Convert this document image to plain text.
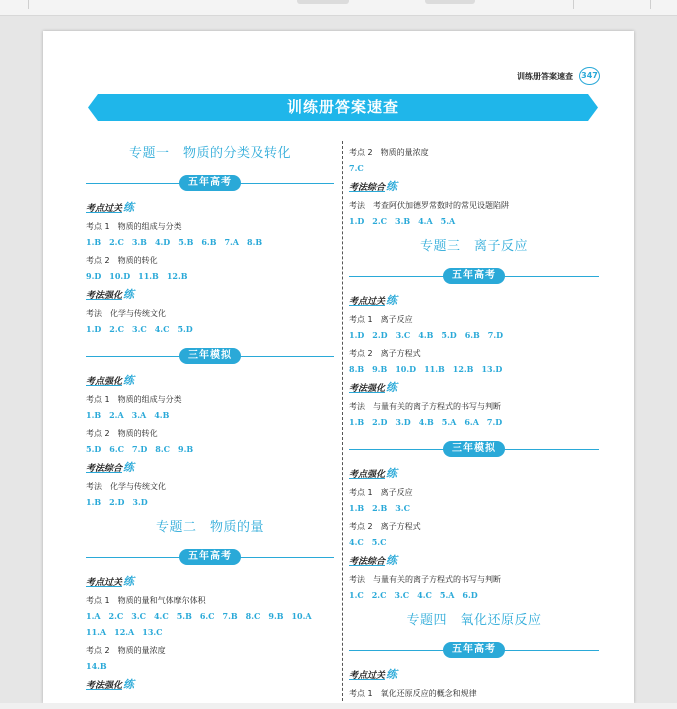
训练册答案速查 347
训练册答案速查
专题一　物质的分类及转化
五年高考
考点过关练
考点 1　物质的组成与分类
1.B　2.C　3.B　4.D　5.B　6.B　7.A　8.B
考点 2　物质的转化
9.D　10.D　11.B　12.B
考法强化练
考法　化学与传统文化
1.D　2.C　3.C　4.C　5.D
三年模拟
考点强化练
考点 1　物质的组成与分类
1.B　2.A　3.A　4.B
考点 2　物质的转化
5.D　6.C　7.D　8.C　9.B
考法综合练
考法　化学与传统文化
1.B　2.D　3.D
专题二　物质的量
五年高考
考点过关练
考点 1　物质的量和气体摩尔体积
1.A　2.C　3.C　4.C　5.B　6.C　7.B　8.C　9.B　10.A
11.A　12.A　13.C
考点 2　物质的量浓度
14.B
考法强化练
考点 2　物质的量浓度
7.C
考法综合练
考法　考查阿伏加德罗常数时的常见设题陷阱
1.D　2.C　3.B　4.A　5.A
专题三　离子反应
五年高考
考点过关练
考点 1　离子反应
1.D　2.D　3.C　4.B　5.D　6.B　7.D
考点 2　离子方程式
8.B　9.B　10.D　11.B　12.B　13.D
考法强化练
考法　与量有关的离子方程式的书写与判断
1.B　2.D　3.D　4.B　5.A　6.A　7.D
三年模拟
考点强化练
考点 1　离子反应
1.B　2.B　3.C
考点 2　离子方程式
4.C　5.C
考法综合练
考法　与量有关的离子方程式的书写与判断
1.C　2.C　3.C　4.C　5.A　6.D
专题四　氧化还原反应
五年高考
考点过关练
考点 1　氧化还原反应的概念和规律
